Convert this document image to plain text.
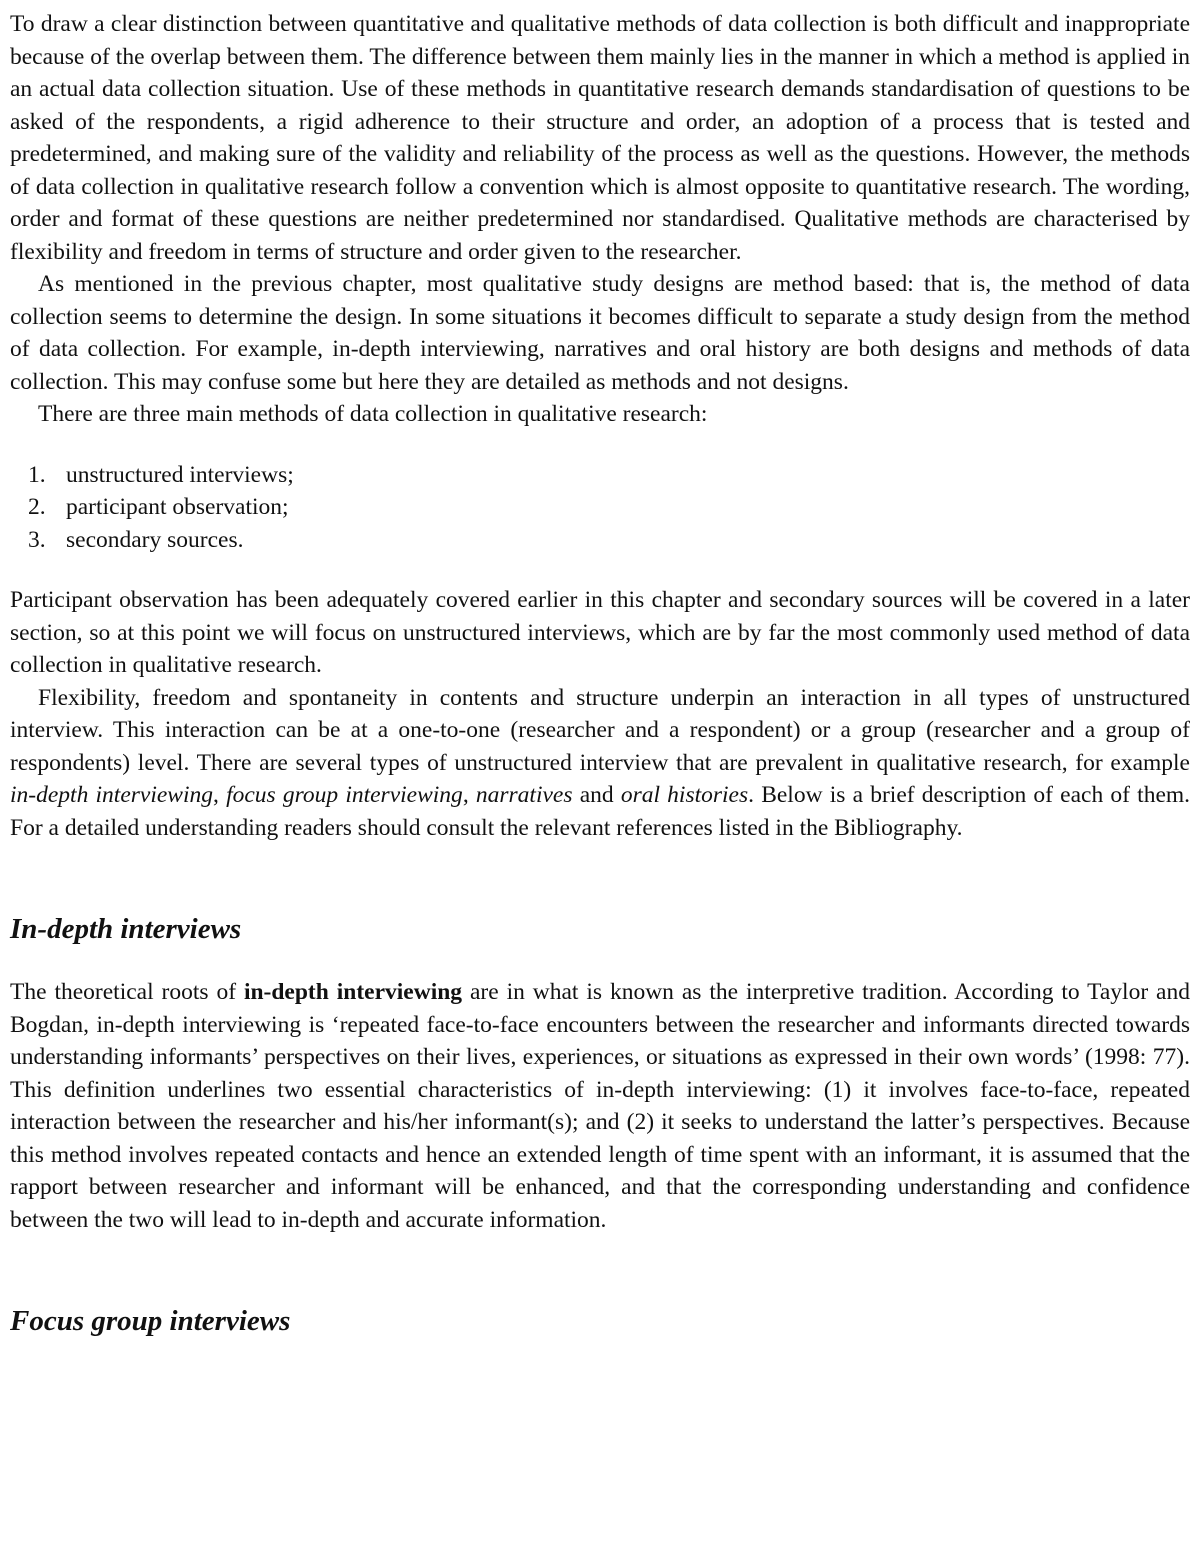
To draw a clear distinction between quantitative and qualitative methods of data collection is both difficult and inappropriate because of the overlap between them. The difference between them mainly lies in the manner in which a method is applied in an actual data collection situation. Use of these methods in quantitative research demands standardisation of questions to be asked of the respondents, a rigid adherence to their structure and order, an adoption of a process that is tested and predetermined, and making sure of the validity and reliability of the process as well as the questions. However, the methods of data collection in qualitative research follow a convention which is almost opposite to quantitative research. The wording, order and format of these questions are neither predetermined nor standardised. Qualitative methods are characterised by flexibility and freedom in terms of structure and order given to the researcher.

As mentioned in the previous chapter, most qualitative study designs are method based: that is, the method of data collection seems to determine the design. In some situations it becomes difficult to separate a study design from the method of data collection. For example, in-depth interviewing, narratives and oral history are both designs and methods of data collection. This may confuse some but here they are detailed as methods and not designs.

There are three main methods of data collection in qualitative research:

1. unstructured interviews;
2. participant observation;
3. secondary sources.

Participant observation has been adequately covered earlier in this chapter and secondary sources will be covered in a later section, so at this point we will focus on unstructured interviews, which are by far the most commonly used method of data collection in qualitative research.

Flexibility, freedom and spontaneity in contents and structure underpin an interaction in all types of unstructured interview. This interaction can be at a one-to-one (researcher and a respondent) or a group (researcher and a group of respondents) level. There are several types of unstructured interview that are prevalent in qualitative research, for example in-depth interviewing, focus group interviewing, narratives and oral histories. Below is a brief description of each of them. For a detailed understanding readers should consult the relevant references listed in the Bibliography.

In-depth interviews

The theoretical roots of in-depth interviewing are in what is known as the interpretive tradition. According to Taylor and Bogdan, in-depth interviewing is ‘repeated face-to-face encounters between the researcher and informants directed towards understanding informants’ perspectives on their lives, experiences, or situations as expressed in their own words’ (1998: 77). This definition underlines two essential characteristics of in-depth interviewing: (1) it involves face-to-face, repeated interaction between the researcher and his/her informant(s); and (2) it seeks to understand the latter’s perspectives. Because this method involves repeated contacts and hence an extended length of time spent with an informant, it is assumed that the rapport between researcher and informant will be enhanced, and that the corresponding understanding and confidence between the two will lead to in-depth and accurate information.

Focus group interviews
